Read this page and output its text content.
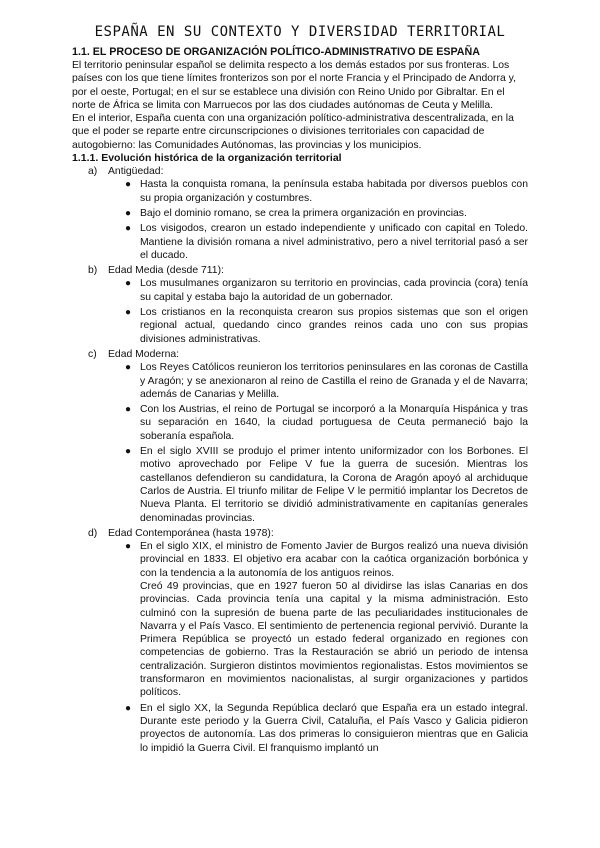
ESPAÑA EN SU CONTEXTO Y DIVERSIDAD TERRITORIAL
1.1. EL PROCESO DE ORGANIZACIÓN POLÍTICO-ADMINISTRATIVO DE ESPAÑA

El territorio peninsular español se delimita respecto a los demás estados por sus fronteras. Los países con los que tiene límites fronterizos son por el norte Francia y el Principado de Andorra y, por el oeste, Portugal; en el sur se establece una división con Reino Unido por Gibraltar. En el norte de África se limita con Marruecos por las dos ciudades autónomas de Ceuta y Melilla.

En el interior, España cuenta con una organización político-administrativa descentralizada, en la que el poder se reparte entre circunscripciones o divisiones territoriales con capacidad de autogobierno: las Comunidades Autónomas, las provincias y los municipios.

1.1.1. Evolución histórica de la organización territorial
a)	Antigüedad:
● Hasta la conquista romana, la península estaba habitada por diversos pueblos con su propia organización y costumbres.
● Bajo el dominio romano, se crea la primera organización en provincias.
● Los visigodos, crearon un estado independiente y unificado con capital en Toledo. Mantiene la división romana a nivel administrativo, pero a nivel territorial pasó a ser el ducado.
b)	Edad Media (desde 711):
● Los musulmanes organizaron su territorio en provincias, cada provincia (cora) tenía su capital y estaba bajo la autoridad de un gobernador.
● Los cristianos en la reconquista crearon sus propios sistemas que son el origen regional actual, quedando cinco grandes reinos cada uno con sus propias divisiones administrativas.
c)	Edad Moderna:
● Los Reyes Católicos reunieron los territorios peninsulares en las coronas de Castilla y Aragón; y se anexionaron al reino de Castilla el reino de Granada y el de Navarra; además de Canarias y Melilla.
● Con los Austrias, el reino de Portugal se incorporó a la Monarquía Hispánica y tras su separación en 1640, la ciudad portuguesa de Ceuta permaneció bajo la soberanía española.
● En el siglo XVIII se produjo el primer intento uniformizador con los Borbones. El motivo aprovechado por Felipe V fue la guerra de sucesión. Mientras los castellanos defendieron su candidatura, la Corona de Aragón apoyó al archiduque Carlos de Austria. El triunfo militar de Felipe V le permitió implantar los Decretos de Nueva Planta. El territorio se dividió administrativamente en capitanías generales denominadas provincias.
d)	Edad Contemporánea (hasta 1978):
● En el siglo XIX, el ministro de Fomento Javier de Burgos realizó una nueva división provincial en 1833. El objetivo era acabar con la caótica organización borbónica y con la tendencia a la autonomía de los antiguos reinos.

Creó 49 provincias, que en 1927 fueron 50 al dividirse las islas Canarias en dos provincias. Cada provincia tenía una capital y la misma administración. Esto culminó con la supresión de buena parte de las peculiaridades institucionales de Navarra y el País Vasco. El sentimiento de pertenencia regional pervivió. Durante la Primera República se proyectó un estado federal organizado en regiones con competencias de gobierno. Tras la Restauración se abrió un periodo de intensa centralización. Surgieron distintos movimientos regionalistas. Estos movimientos se transformaron en movimientos nacionalistas, al surgir organizaciones y partidos políticos.

● En el siglo XX, la Segunda República declaró que España era un estado integral. Durante este periodo y la Guerra Civil, Cataluña, el País Vasco y Galicia pidieron proyectos de autonomía. Las dos primeras lo consiguieron mientras que en Galicia lo impidió la Guerra Civil. El franquismo implantó un
